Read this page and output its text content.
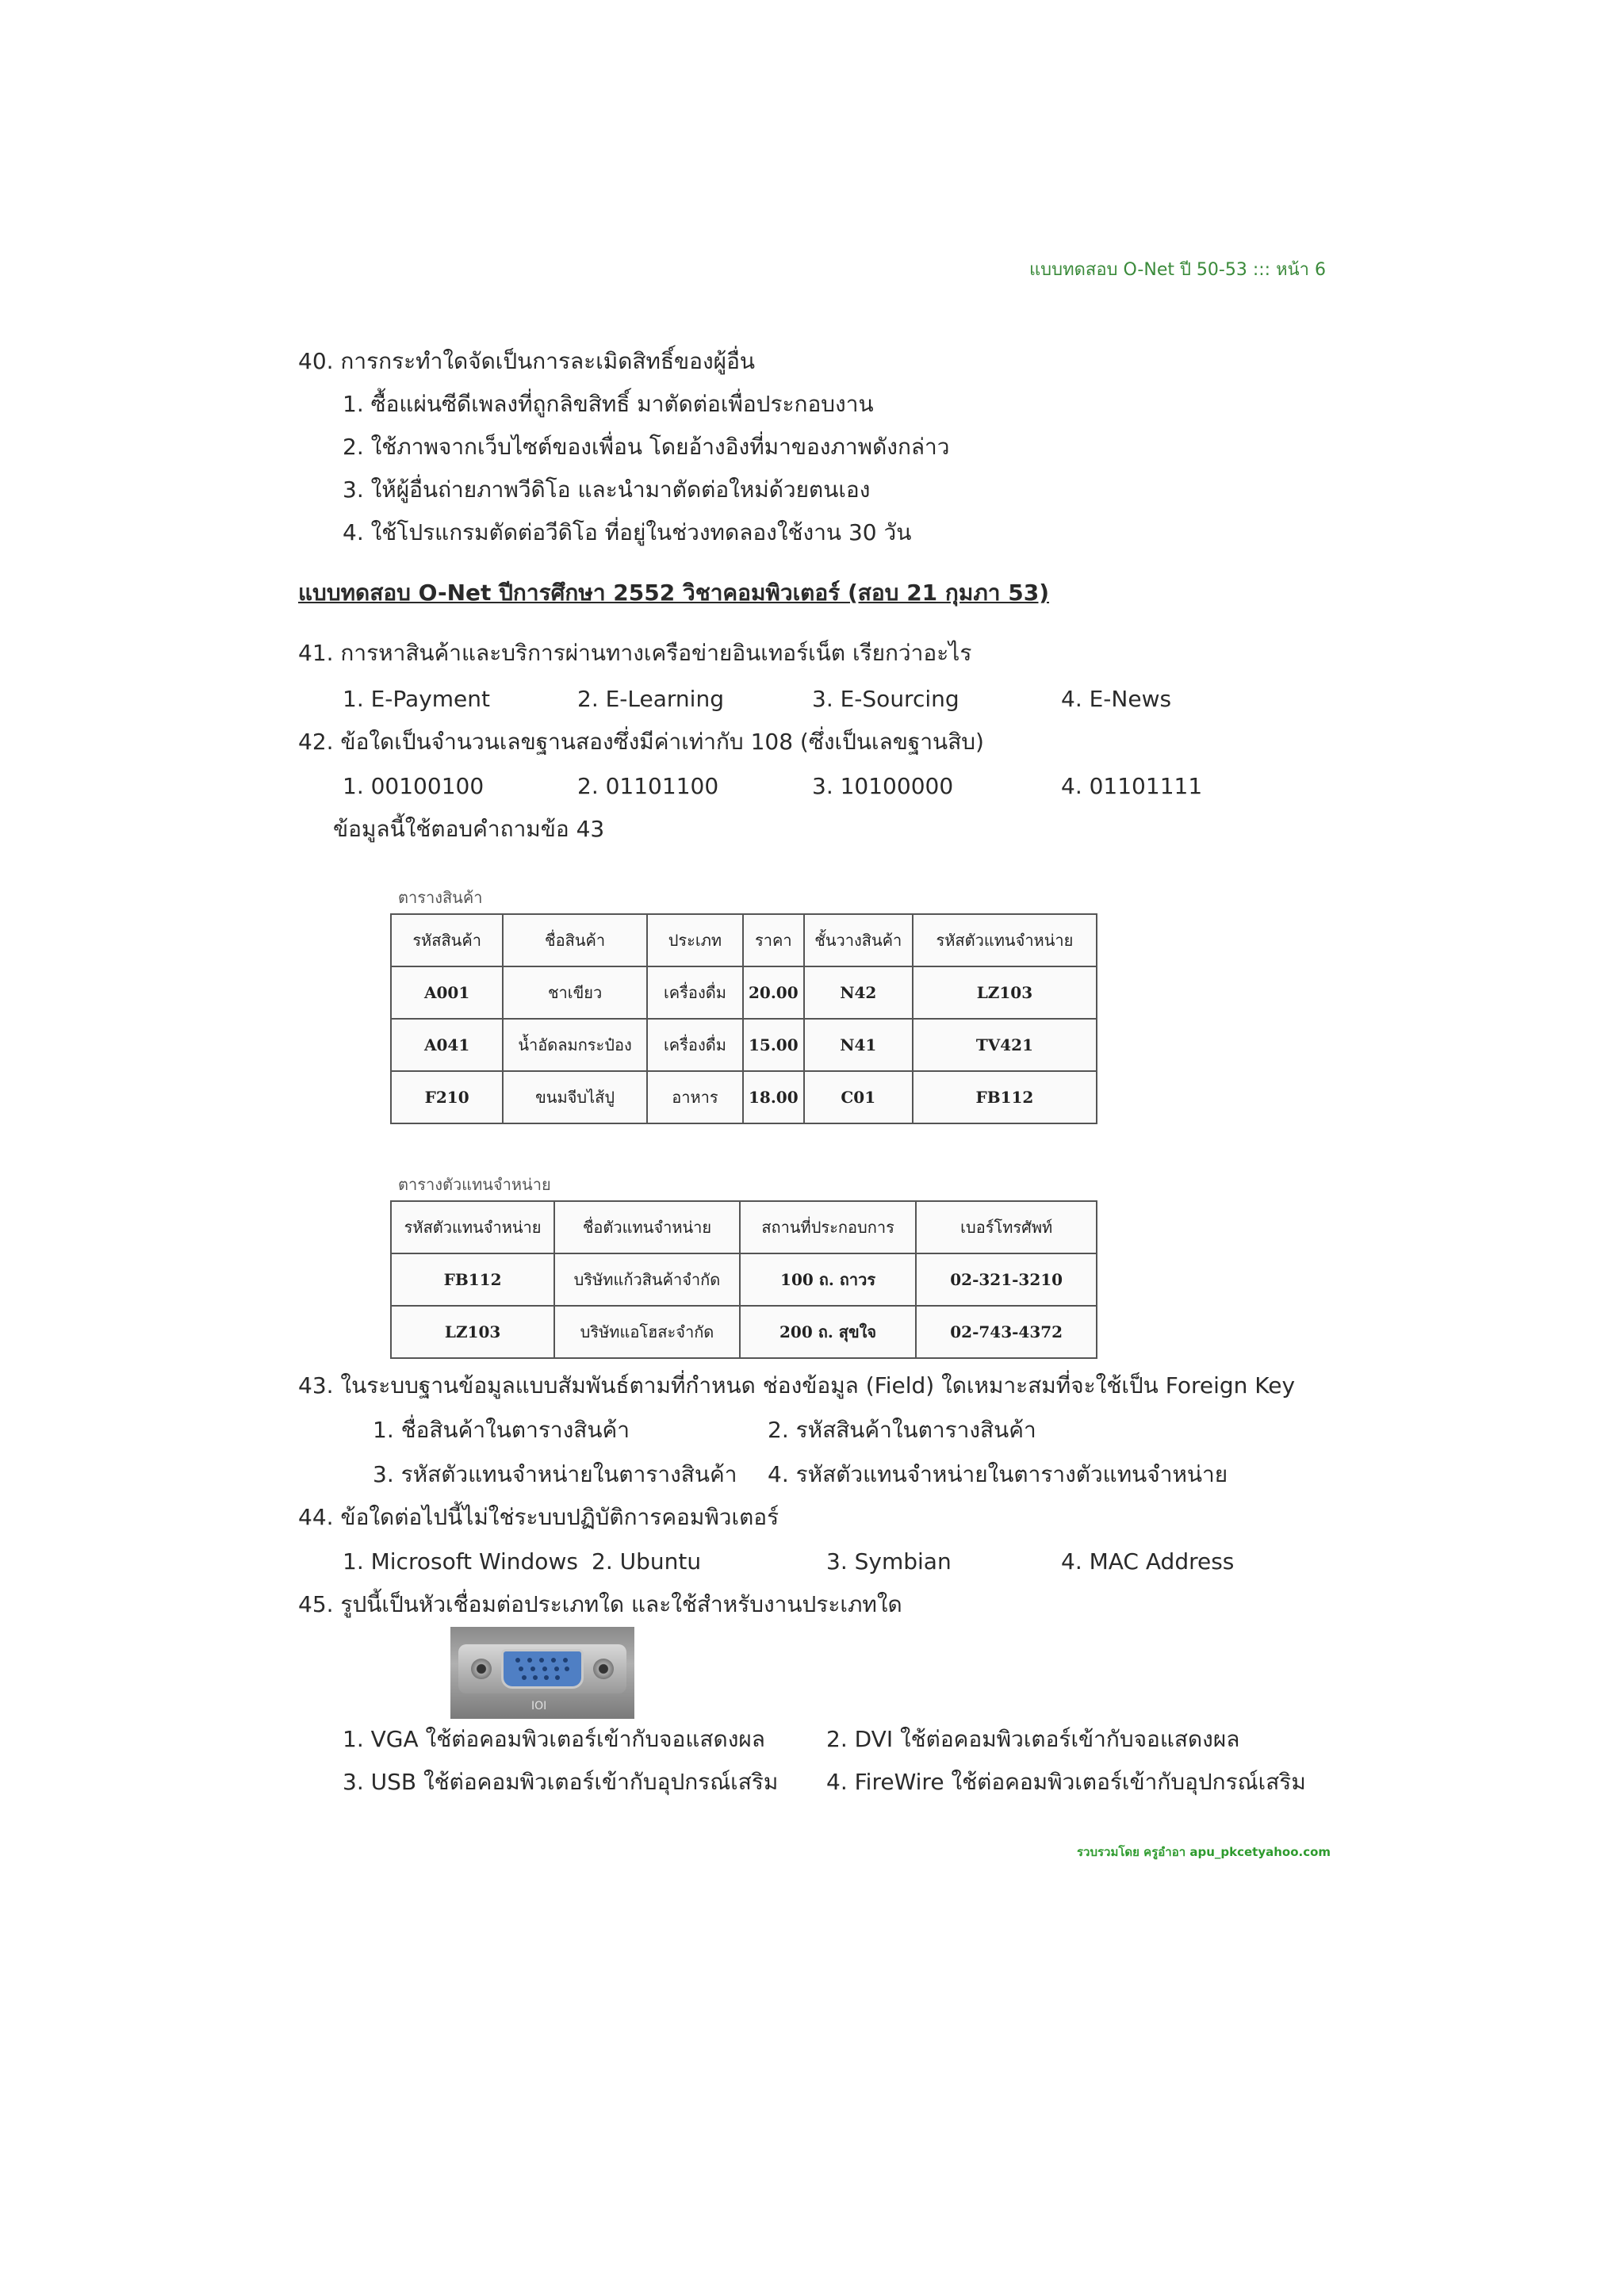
แบบทดสอบ O-Net ปี 50-53 ::: หน้า 6
40. การกระทำใดจัดเป็นการละเมิดสิทธิ์ของผู้อื่น
1. ซื้อแผ่นซีดีเพลงที่ถูกลิขสิทธิ์ มาตัดต่อเพื่อประกอบงาน
2. ใช้ภาพจากเว็บไซต์ของเพื่อน โดยอ้างอิงที่มาของภาพดังกล่าว
3. ให้ผู้อื่นถ่ายภาพวีดิโอ และนำมาตัดต่อใหม่ด้วยตนเอง
4. ใช้โปรแกรมตัดต่อวีดิโอ ที่อยู่ในช่วงทดลองใช้งาน 30 วัน
แบบทดสอบ O-Net ปีการศึกษา 2552 วิชาคอมพิวเตอร์ (สอบ 21 กุมภา 53)
41. การหาสินค้าและบริการผ่านทางเครือข่ายอินเทอร์เน็ต เรียกว่าอะไร
1. E-Payment	2. E-Learning	3. E-Sourcing	4. E-News
42. ข้อใดเป็นจำนวนเลขฐานสองซึ่งมีค่าเท่ากับ 108 (ซึ่งเป็นเลขฐานสิบ)
1. 00100100	2. 01101100	3. 10100000	4. 01101111
ข้อมูลนี้ใช้ตอบคำถามข้อ 43
ตารางสินค้า
รหัสสินค้า	ชื่อสินค้า	ประเภท	ราคา	ชั้นวางสินค้า	รหัสตัวแทนจำหน่าย
A001	ชาเขียว	เครื่องดื่ม	20.00	N42	LZ103
A041	น้ำอัดลมกระป๋อง	เครื่องดื่ม	15.00	N41	TV421
F210	ขนมจีบไส้ปู	อาหาร	18.00	C01	FB112
ตารางตัวแทนจำหน่าย
รหัสตัวแทนจำหน่าย	ชื่อตัวแทนจำหน่าย	สถานที่ประกอบการ	เบอร์โทรศัพท์
FB112	บริษัทแก้วสินค้าจำกัด	100 ถ. ถาวร	02-321-3210
LZ103	บริษัทแอโฮสะจำกัด	200 ถ. สุขใจ	02-743-4372
43. ในระบบฐานข้อมูลแบบสัมพันธ์ตามที่กำหนด ช่องข้อมูล (Field) ใดเหมาะสมที่จะใช้เป็น Foreign Key
1. ชื่อสินค้าในตารางสินค้า	2. รหัสสินค้าในตารางสินค้า
3. รหัสตัวแทนจำหน่ายในตารางสินค้า 4. รหัสตัวแทนจำหน่ายในตารางตัวแทนจำหน่าย
44. ข้อใดต่อไปนี้ไม่ใช่ระบบปฏิบัติการคอมพิวเตอร์
1. Microsoft Windows 2. Ubuntu	3. Symbian	4. MAC Address
45. รูปนี้เป็นหัวเชื่อมต่อประเภทใด และใช้สำหรับงานประเภทใด
IOI
1. VGA ใช้ต่อคอมพิวเตอร์เข้ากับจอแสดงผล	2. DVI ใช้ต่อคอมพิวเตอร์เข้ากับจอแสดงผล
3. USB ใช้ต่อคอมพิวเตอร์เข้ากับอุปกรณ์เสริม 4. FireWire ใช้ต่อคอมพิวเตอร์เข้ากับอุปกรณ์เสริม
รวบรวมโดย ครูอำอา apu_pkcetyahoo.com
